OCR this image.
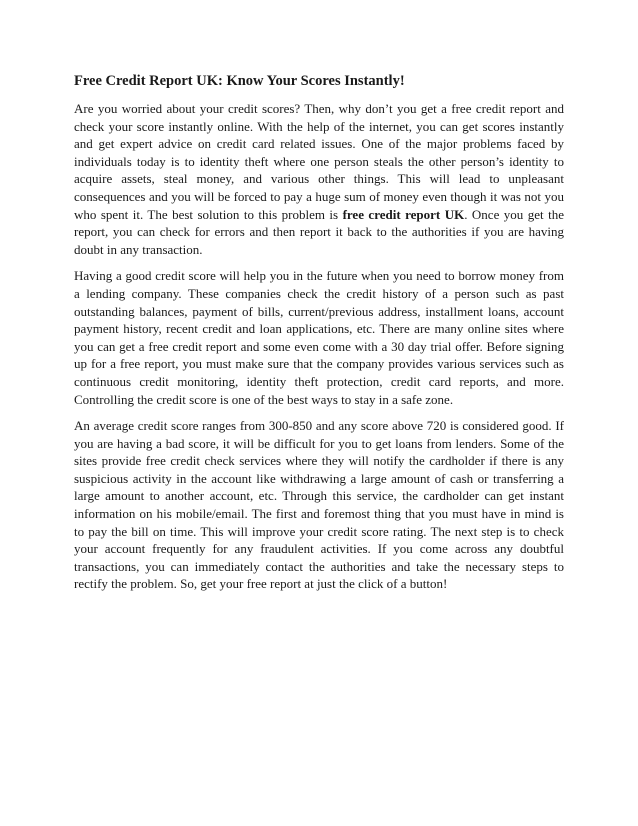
Free Credit Report UK: Know Your Scores Instantly!

Are you worried about your credit scores? Then, why don’t you get a free credit report and check your score instantly online. With the help of the internet, you can get scores instantly and get expert advice on credit card related issues. One of the major problems faced by individuals today is to identity theft where one person steals the other person’s identity to acquire assets, steal money, and various other things. This will lead to unpleasant consequences and you will be forced to pay a huge sum of money even though it was not you who spent it. The best solution to this problem is free credit report UK. Once you get the report, you can check for errors and then report it back to the authorities if you are having doubt in any transaction.

Having a good credit score will help you in the future when you need to borrow money from a lending company. These companies check the credit history of a person such as past outstanding balances, payment of bills, current/previous address, installment loans, account payment history, recent credit and loan applications, etc. There are many online sites where you can get a free credit report and some even come with a 30 day trial offer. Before signing up for a free report, you must make sure that the company provides various services such as continuous credit monitoring, identity theft protection, credit card reports, and more. Controlling the credit score is one of the best ways to stay in a safe zone.

An average credit score ranges from 300-850 and any score above 720 is considered good. If you are having a bad score, it will be difficult for you to get loans from lenders. Some of the sites provide free credit check services where they will notify the cardholder if there is any suspicious activity in the account like withdrawing a large amount of cash or transferring a large amount to another account, etc. Through this service, the cardholder can get instant information on his mobile/email. The first and foremost thing that you must have in mind is to pay the bill on time. This will improve your credit score rating. The next step is to check your account frequently for any fraudulent activities. If you come across any doubtful transactions, you can immediately contact the authorities and take the necessary steps to rectify the problem. So, get your free report at just the click of a button!
